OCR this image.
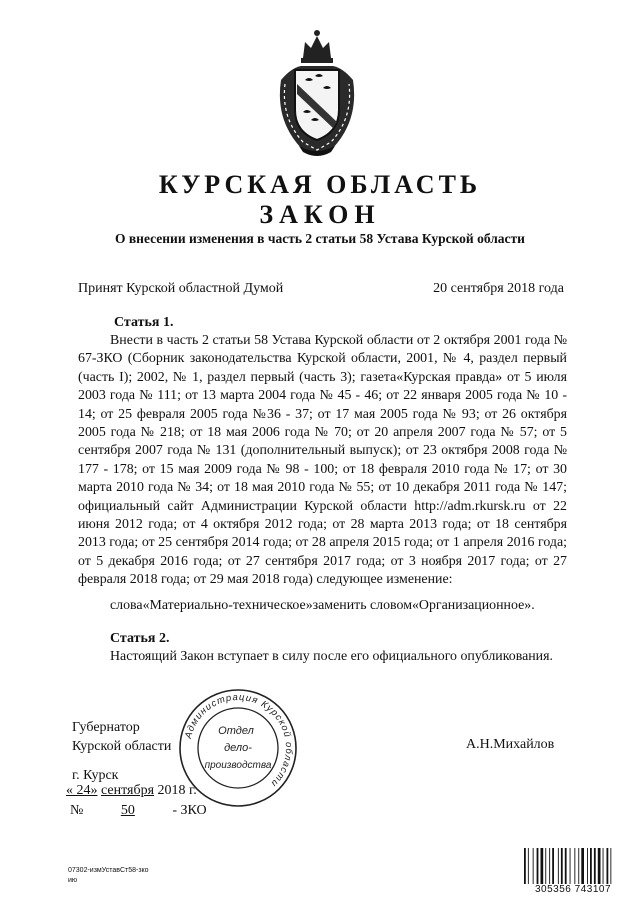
КУРСКАЯ ОБЛАСТЬ
ЗАКОН
О внесении изменения в часть 2 статьи 58 Устава Курской области
Принят Курской областной Думой	20 сентября 2018 года
Статья 1.
Внести в часть 2 статьи 58 Устава Курской области от 2 октября 2001 года № 67-ЗКО (Сборник законодательства Курской области, 2001, № 4, раздел первый (часть I); 2002, № 1, раздел первый (часть 3); газета«Курская правда» от 5 июля 2003 года № 111; от 13 марта 2004 года № 45 - 46; от 22 января 2005 года № 10 - 14; от 25 февраля 2005 года №36 - 37; от 17 мая 2005 года № 93; от 26 октября 2005 года № 218; от 18 мая 2006 года № 70; от 20 апреля 2007 года № 57; от 5 сентября 2007 года № 131 (дополнительный выпуск); от 23 октября 2008 года № 177 - 178; от 15 мая 2009 года № 98 - 100; от 18 февраля 2010 года № 17; от 30 марта 2010 года № 34; от 18 мая 2010 года № 55; от 10 декабря 2011 года № 147; официальный сайт Администрации Курской области http://adm.rkursk.ru от 22 июня 2012 года; от 4 октября 2012 года; от 28 марта 2013 года; от 18 сентября 2013 года; от 25 сентября 2014 года; от 28 апреля 2015 года; от 1 апреля 2016 года; от 5 декабря 2016 года; от 27 сентября 2017 года; от 3 ноября 2017 года; от 27 февраля 2018 года; от 29 мая 2018 года) следующее изменение:
слова«Материально-техническое»заменить словом«Организационное».
Статья 2.
Настоящий Закон вступает в силу после его официального опубликования.
Губернатор
Курской области	А.Н.Михайлов
Администрация Курской области
Отдел
дело-
производства
г. Курск
« 24» сентября 2018 г.
№	50	- ЗКО
07302-измУставСт58-зко
ию
305356 743107
